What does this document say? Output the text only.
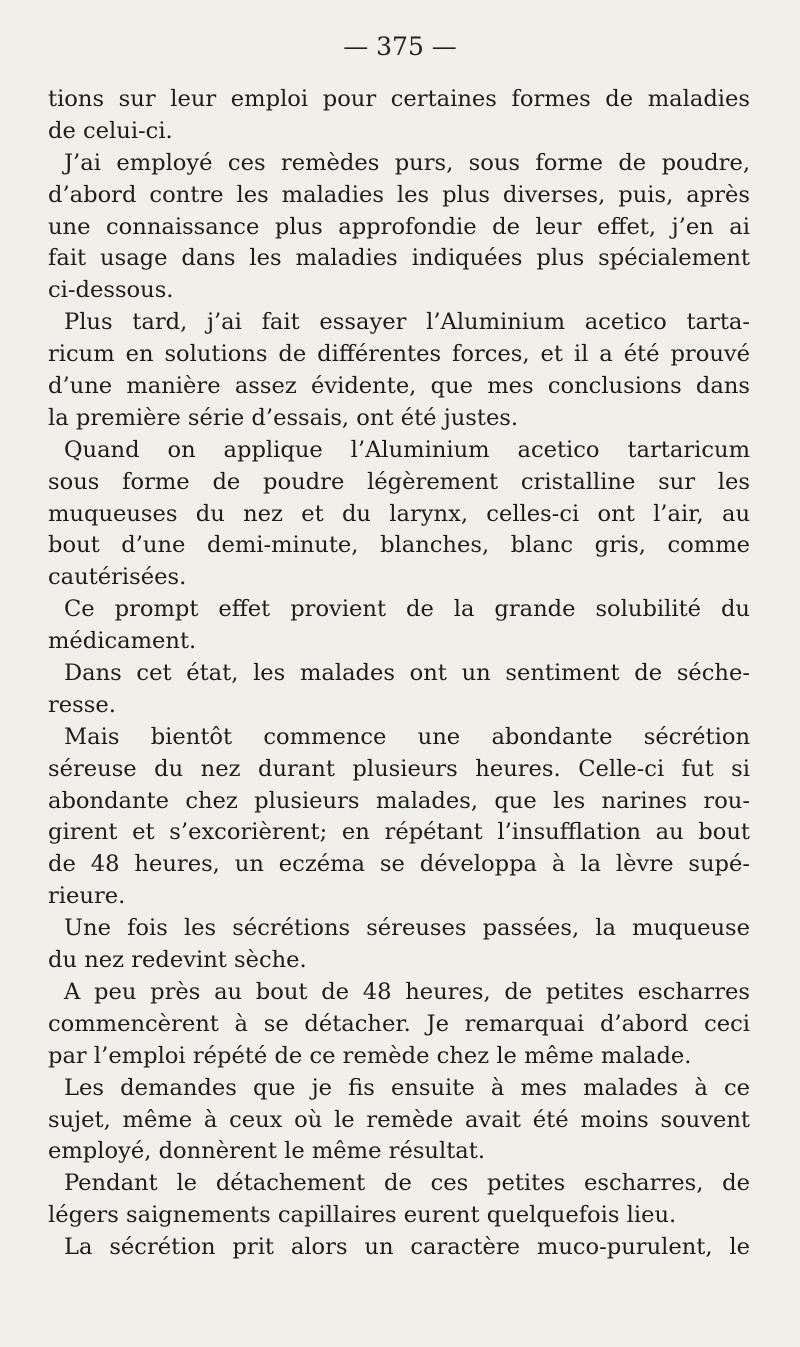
— 375 —
tions sur leur emploi pour certaines formes de maladies
de celui-ci.
J’ai employé ces remèdes purs, sous forme de poudre,
d’abord contre les maladies les plus diverses, puis, après
une connaissance plus approfondie de leur effet, j’en ai
fait usage dans les maladies indiquées plus spécialement
ci-dessous.
Plus tard, j’ai fait essayer l’Aluminium acetico tarta-
ricum en solutions de différentes forces, et il a été prouvé
d’une manière assez évidente, que mes conclusions dans
la première série d’essais, ont été justes.
Quand on applique l’Aluminium acetico tartaricum
sous forme de poudre légèrement cristalline sur les
muqueuses du nez et du larynx, celles-ci ont l’air, au
bout d’une demi-minute, blanches, blanc gris, comme
cautérisées.
Ce prompt effet provient de la grande solubilité du
médicament.
Dans cet état, les malades ont un sentiment de séche-
resse.
Mais bientôt commence une abondante sécrétion
séreuse du nez durant plusieurs heures. Celle-ci fut si
abondante chez plusieurs malades, que les narines rou-
girent et s’excorièrent; en répétant l’insufflation au bout
de 48 heures, un eczéma se développa à la lèvre supé-
rieure.
Une fois les sécrétions séreuses passées, la muqueuse
du nez redevint sèche.
A peu près au bout de 48 heures, de petites escharres
commencèrent à se détacher. Je remarquai d’abord ceci
par l’emploi répété de ce remède chez le même malade.
Les demandes que je fis ensuite à mes malades à ce
sujet, même à ceux où le remède avait été moins souvent
employé, donnèrent le même résultat.
Pendant le détachement de ces petites escharres, de
légers saignements capillaires eurent quelquefois lieu.
La sécrétion prit alors un caractère muco-purulent, le
